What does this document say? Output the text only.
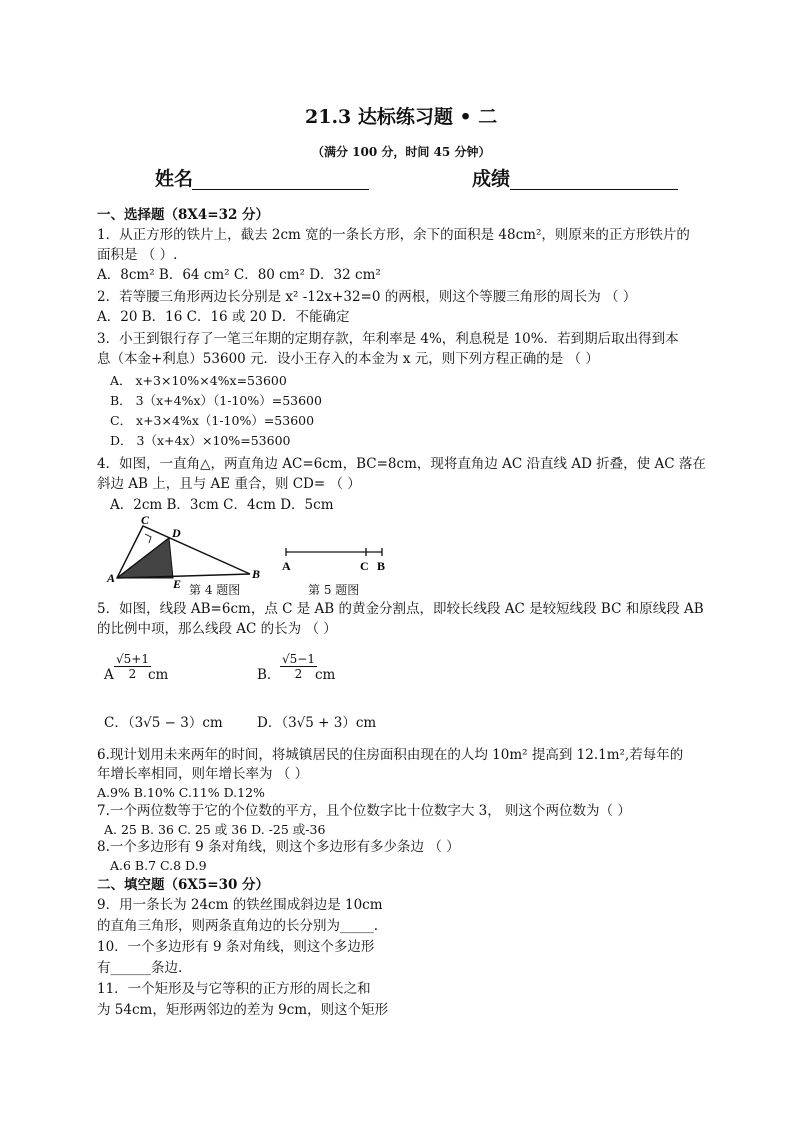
21.3 达标练习题 • 二
（满分 100 分，时间 45 分钟）
姓名	成绩
一、选择题（8X4=32 分）
1．从正方形的铁片上，截去 2cm 宽的一条长方形，余下的面积是 48cm²，则原来的正方形铁片的
面积是 （ ）.
A．8cm² B．64 cm² C．80 cm² D．32 cm²
2．若等腰三角形两边长分别是 x² -12x+32=0 的两根，则这个等腰三角形的周长为 （ ）
A．20 B．16 C．16 或 20 D．不能确定
3．小王到银行存了一笔三年期的定期存款，年利率是 4%，利息税是 10%．若到期后取出得到本
息（本金+利息）53600 元．设小王存入的本金为 x 元，则下列方程正确的是 （ ）
A． x+3×10%×4%x=53600
B． 3（x+4%x）（1-10%）=53600
C． x+3×4%x（1-10%）=53600
D． 3（x+4x）×10%=53600
4．如图，一直角△，两直角边 AC=6cm，BC=8cm，现将直角边 AC 沿直线 AD 折叠，使 AC 落在
斜边 AB 上，且与 AE 重合，则 CD= （ ）
A．2cm B．3cm C．4cm D．5cm
C
D
A	E
B
第 4 题图
A	C B
第 5 题图
5．如图，线段 AB=6cm，点 C 是 AB 的黄金分割点，即较长线段 AC 是较短线段 BC 和原线段 AB
的比例中项，那么线段 AC 的长为 （ ）
A $\frac{√5+1}{2}$
cm	B． $\frac{√5-1}{2}$
cm
C．（3√5 − 3）cm	D．（3√5 + 3）cm
6.现计划用未来两年的时间，将城镇居民的住房面积由现在的人均 10m² 提高到 12.1m²,若每年的
年增长率相同，则年增长率为 （ ）
A.9% B.10% C.11% D.12%
7.一个两位数等于它的个位数的平方，且个位数字比十位数字大 3， 则这个两位数为（ ）
A. 25 B. 36 C. 25 或 36 D. -25 或-36
8.一个多边形有 9 条对角线，则这个多边形有多少条边 （ ）
A.6 B.7 C.8 D.9
二、填空题（6X5=30 分）
9．用一条长为 24cm 的铁丝围成斜边是 10cm
的直角三角形，则两条直角边的长分别为_____.
10．一个多边形有 9 条对角线，则这个多边形
有______条边.
11．一个矩形及与它等积的正方形的周长之和
为 54cm，矩形两邻边的差为 9cm，则这个矩形
